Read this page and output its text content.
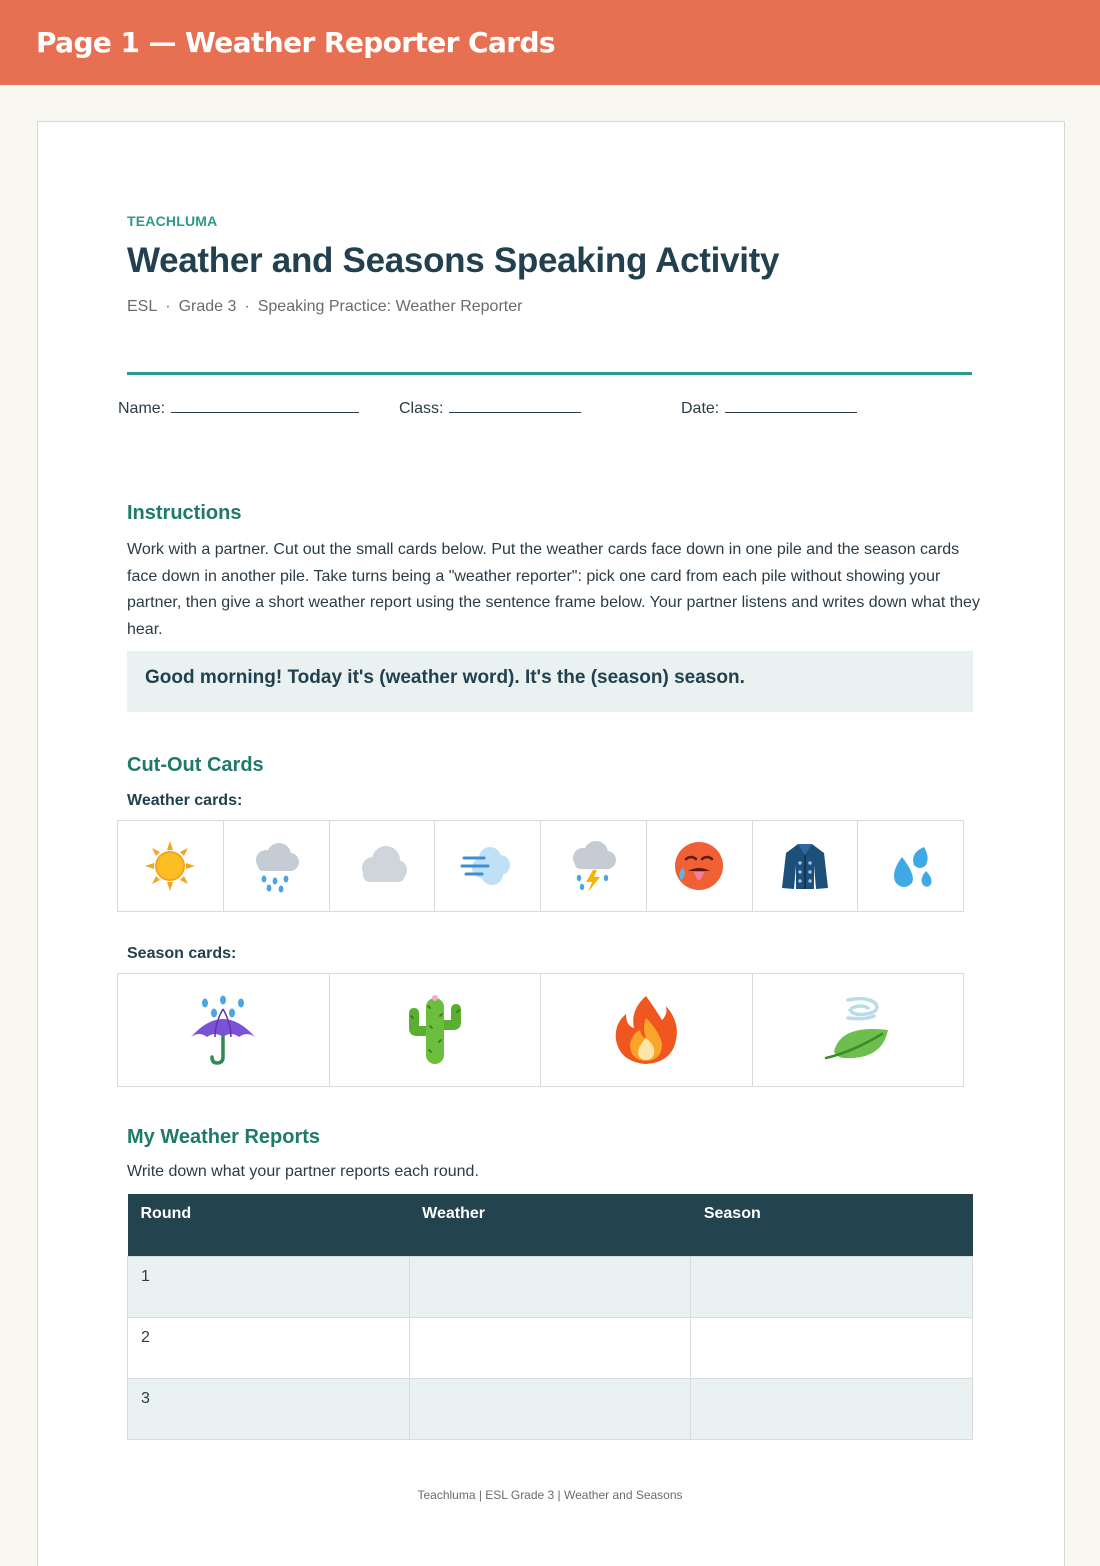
Page 1 — Weather Reporter Cards
TEACHLUMA
Weather and Seasons Speaking Activity
ESL · Grade 3 · Speaking Practice: Weather Reporter
Name:	Class:	Date:
Instructions

Work with a partner. Cut out the small cards below. Put the weather cards face down in one pile and the season cards face down in another pile. Take turns being a "weather reporter": pick one card from each pile without showing your partner, then give a short weather report using the sentence frame below. Your partner listens and writes down what they hear.

Good morning! Today it's (weather word). It's the (season) season.
Cut-Out Cards
Weather cards:
Season cards:
My Weather Reports
Write down what your partner reports each round.
Round	Weather	Season
1		
2		
3		
Teachluma | ESL Grade 3 | Weather and Seasons
